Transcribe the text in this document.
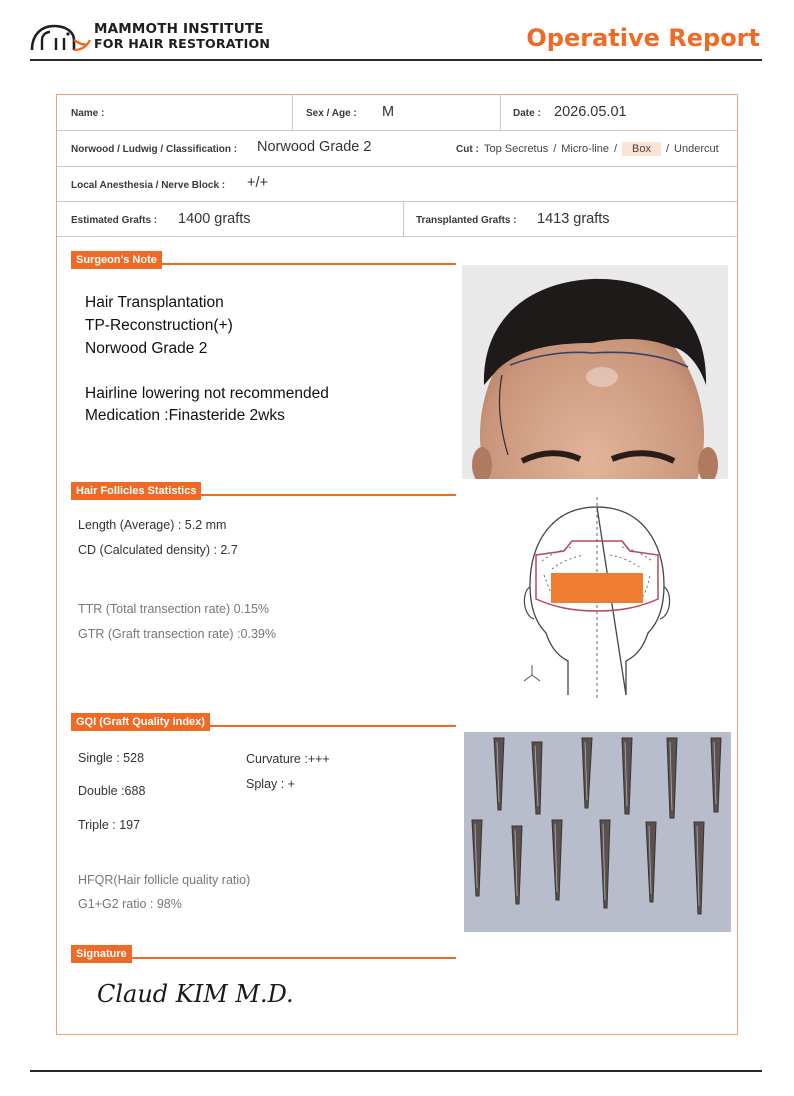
MAMMOTH INSTITUTE
FOR HAIR RESTORATION	Operative Report
Name :	Sex / Age : M	Date : 2026.05.01
Norwood / Ludwig / Classification : Norwood Grade 2	Cut : Top Secretus / Micro-line / Box / Undercut
Local Anesthesia / Nerve Block : +/+
Estimated Grafts : 1400 grafts	Transplanted Grafts : 1413 grafts
Surgeon's Note
Hair Transplantation
TP-Reconstruction(+)
Norwood Grade 2
Hairline lowering not recommended
Medication :Finasteride 2wks
Hair Follicles Statistics
Length (Average) : 5.2 mm
CD (Calculated density) : 2.7
TTR (Total transection rate) 0.15%
GTR (Graft transection rate) :0.39%
GQI (Graft Quality index)
Single : 528
Double :688
Triple : 197
Curvature :+++
Splay : +
HFQR(Hair follicle quality ratio)
G1+G2 ratio : 98%
Signature
Claud KIM M.D.
